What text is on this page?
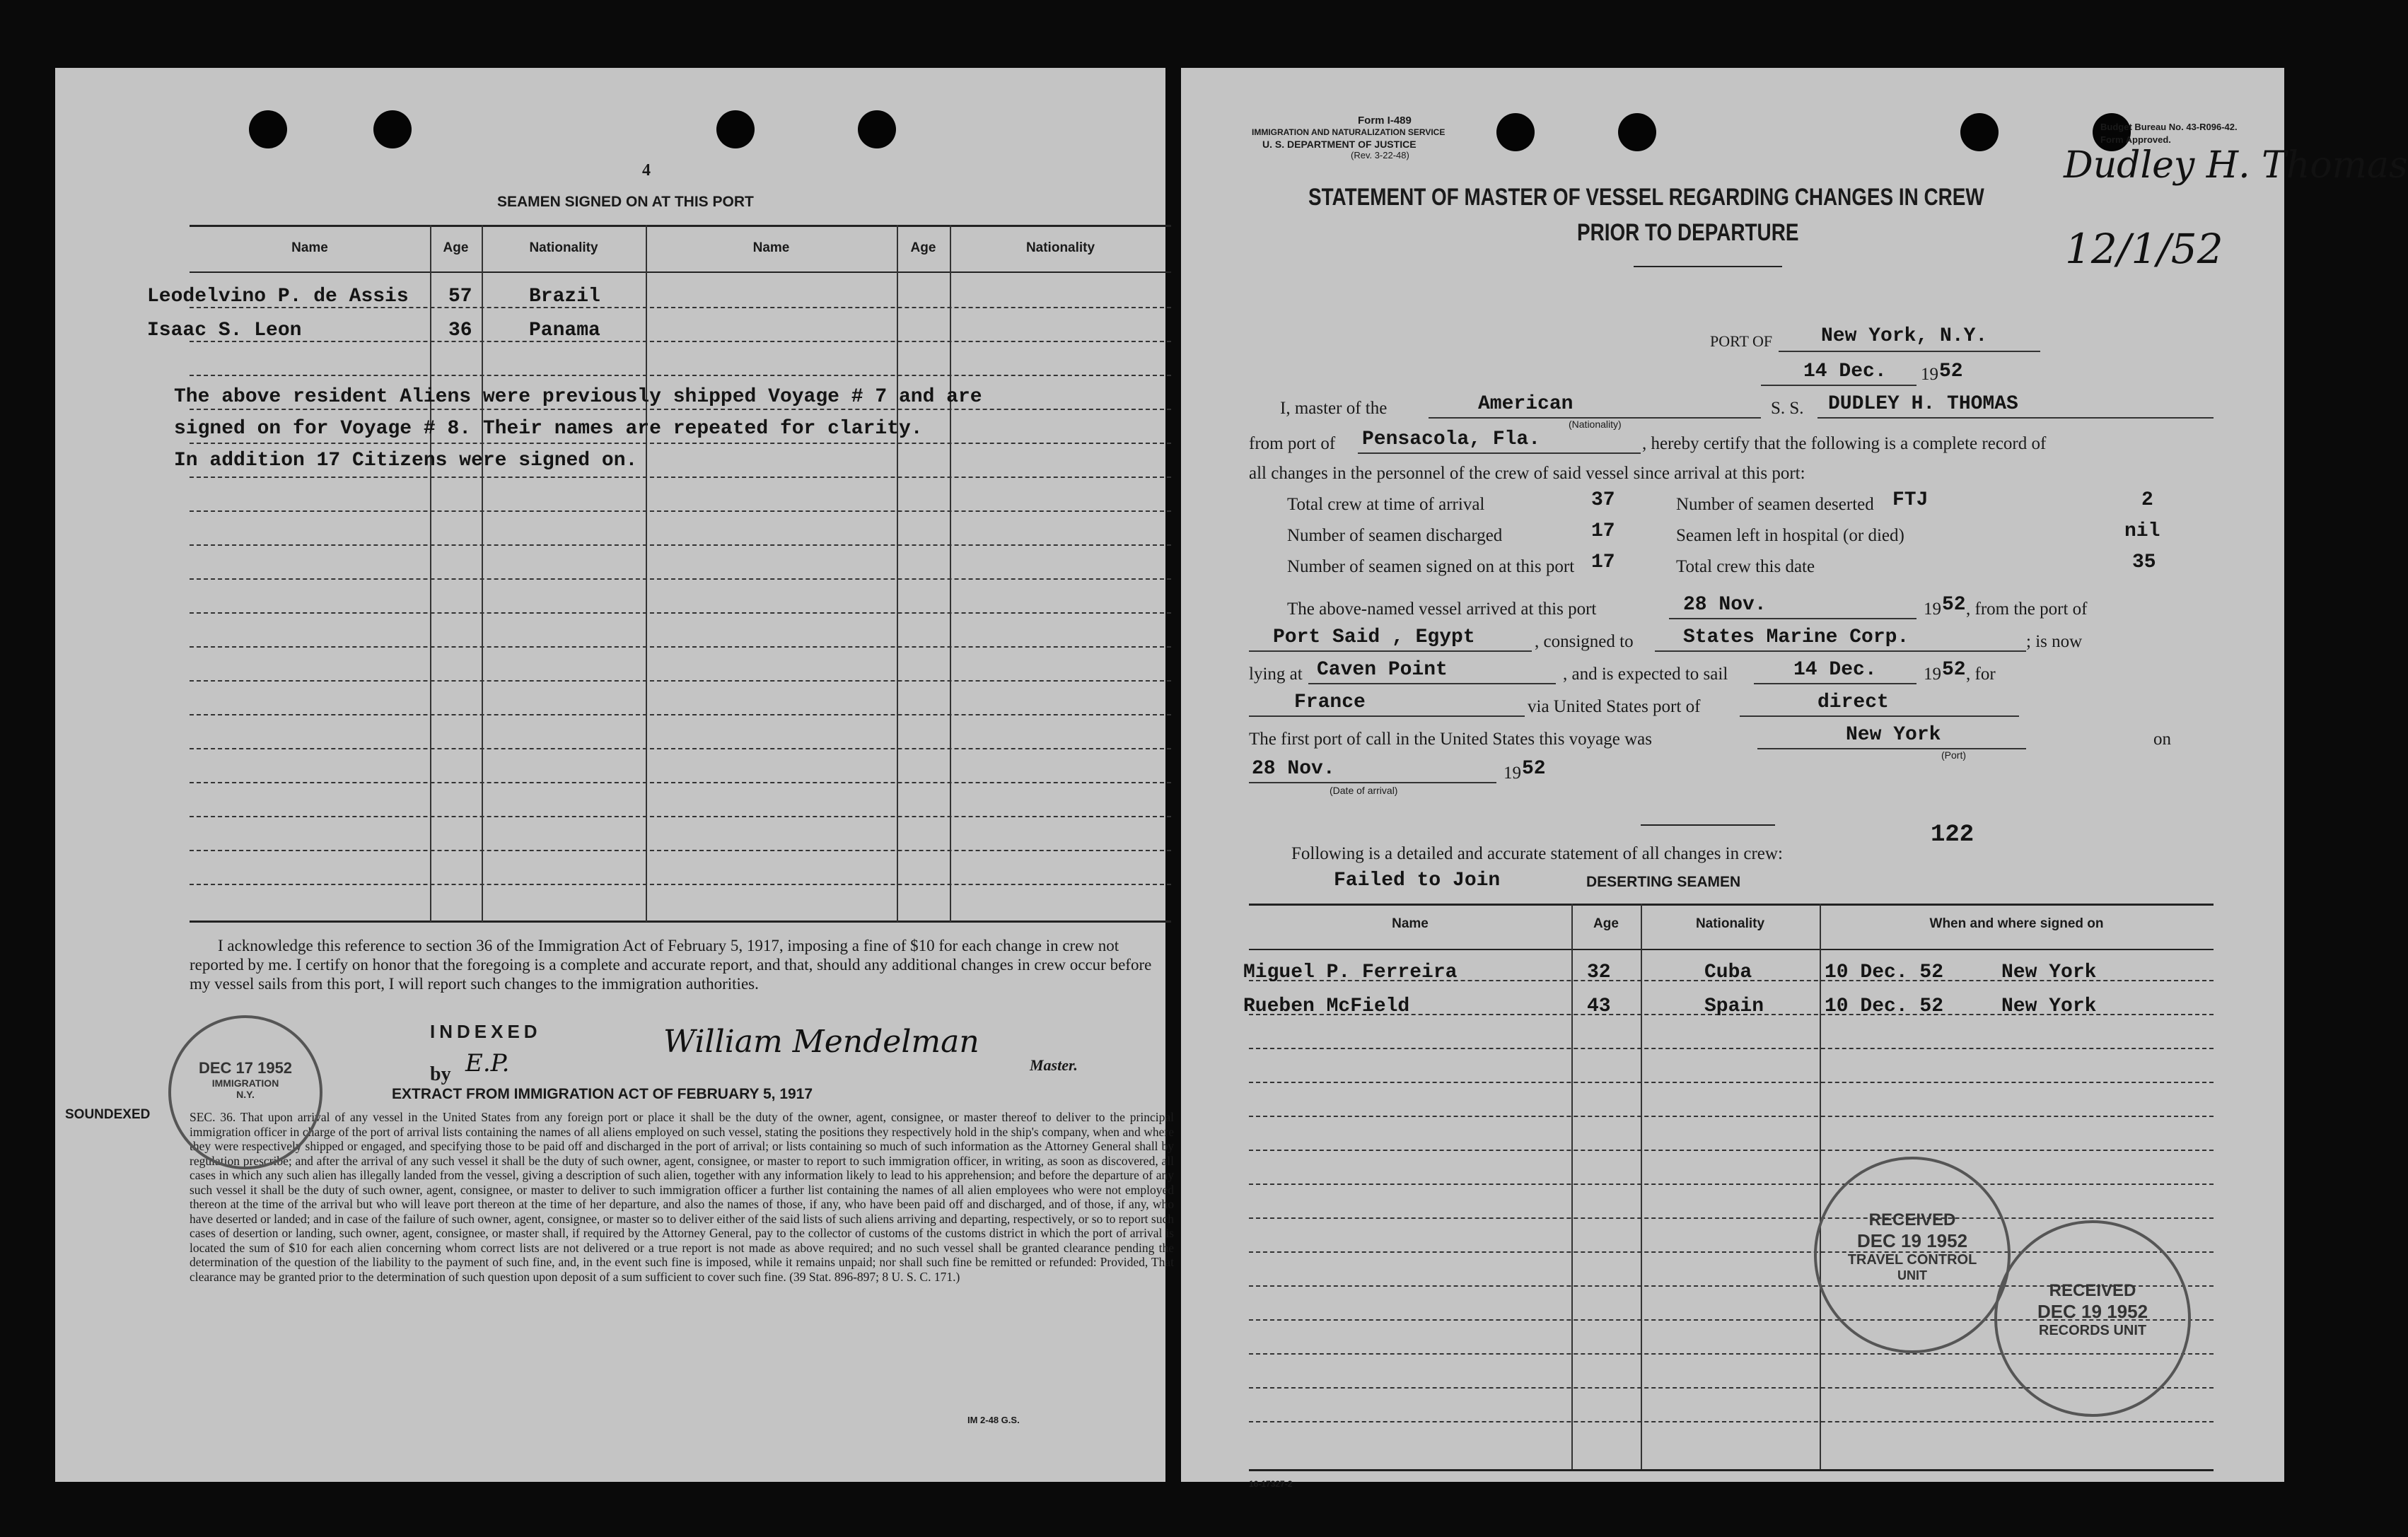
4
SEAMEN SIGNED ON AT THIS PORT
Name	Age	Nationality	Name	Age	Nationality
Leodelvino P. de Assis 57	Brazil
Isaac S. Leon	36	Panama
The above resident Aliens were previously shipped Voyage # 7 and are
signed on for Voyage # 8. Their names are repeated for clarity.
In addition 17 Citizens were signed on.
I acknowledge this reference to section 36 of the Immigration Act of February 5, 1917, imposing a fine of $10 for each change in crew not reported by me. I certify on honor that the foregoing is a complete and accurate report, and that, should any additional changes in crew occur before my vessel sails from this port, I will report such changes to the immigration authorities.
INDEXED
by E.P.
William Mendelman
Master.
SOUNDEXED
EXTRACT FROM IMMIGRATION ACT OF FEBRUARY 5, 1917
SEC. 36. That upon arrival of any vessel in the United States from any foreign port or place it shall be the duty of the owner, agent, consignee, or master thereof to deliver to the principal immigration officer in charge of the port of arrival lists containing the names of all aliens employed on such vessel, stating the positions they respectively hold in the ship's company, when and where they were respectively shipped or engaged, and specifying those to be paid off and discharged in the port of arrival; or lists containing so much of such information as the Attorney General shall by regulation prescribe; and after the arrival of any such vessel it shall be the duty of such owner, agent, consignee, or master to report to such immigration officer, in writing, as soon as discovered, all cases in which any such alien has illegally landed from the vessel, giving a description of such alien, together with any information likely to lead to his apprehension; and before the departure of any such vessel it shall be the duty of such owner, agent, consignee, or master to deliver to such immigration officer a further list containing the names of all alien employees who were not employed thereon at the time of the arrival but who will leave port thereon at the time of her departure, and also the names of those, if any, who have been paid off and discharged, and of those, if any, who have deserted or landed; and in case of the failure of such owner, agent, consignee, or master so to deliver either of the said lists of such aliens arriving and departing, respectively, or so to report such cases of desertion or landing, such owner, agent, consignee, or master shall, if required by the Attorney General, pay to the collector of customs of the customs district in which the port of arrival is located the sum of $10 for each alien concerning whom correct lists are not delivered or a true report is not made as above required; and no such vessel shall be granted clearance pending the determination of the question of the liability to the payment of such fine, and, in the event such fine is imposed, while it remains unpaid; nor shall such fine be remitted or refunded: Provided, That clearance may be granted prior to the determination of such question upon deposit of a sum sufficient to cover such fine. (39 Stat. 896-897; 8 U. S. C. 171.)
IM 2-48 G.S.
DEC 17 1952
IMMIGRATION
N.Y.
Form I-489
IMMIGRATION AND NATURALIZATION SERVICE
U. S. DEPARTMENT OF JUSTICE
(Rev. 3-22-48)
Budget Bureau No. 43-R096-42.
Form Approved.
Dudley H. Thomas
12/1/52
STATEMENT OF MASTER OF VESSEL REGARDING CHANGES IN CREW
PRIOR TO DEPARTURE
PORT OF New York, N.Y.
14 Dec. 19 52
I, master of the	American	S. S. DUDLEY H. THOMAS
from port of Pensacola, Fla.
(Nationality)
, hereby certify that the following is a complete record of
all changes in the personnel of the crew of said vessel since arrival at this port:
Total crew at time of arrival	37
Number of seamen discharged	17
Number of seamen signed on at this port 17
Number of seamen deserted FTJ	2
Seamen left in hospital (or died)	nil
Total crew this date	35
The above-named vessel arrived at this port	28 Nov.	19 52 , from the port of
Port Said , Egypt	, consigned to	States Marine Corp.	; is now
lying at Caven Point	, and is expected to sail	14 Dec.	19 52 , for
France	via United States port of	direct
The first port of call in the United States this voyage was	New York
(Port)
on
28 Nov.
(Date of arrival)
19 52
122
Following is a detailed and accurate statement of all changes in crew:
Failed to Join	DESERTING SEAMEN
Name	Age	Nationality	When and where signed on
Miguel P. Ferreira	32	Cuba	10 Dec. 52	New York
Rueben McField	43	Spain	10 Dec. 52	New York
RECEIVED
DEC 19 1952
TRAVEL CONTROL
UNIT
RECEIVED
DEC 19 1952
RECORDS UNIT
16-17327-2
